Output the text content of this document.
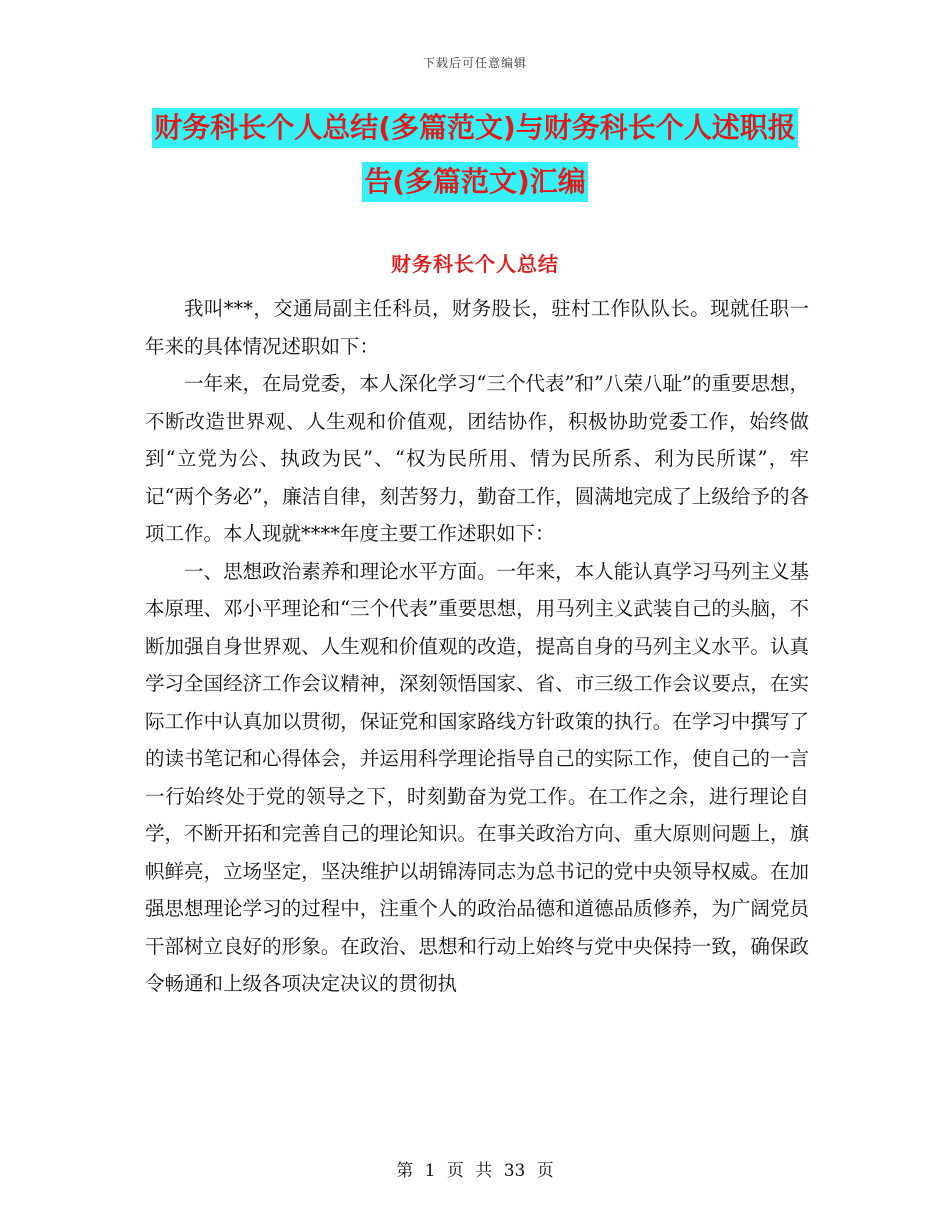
下载后可任意编辑
财务科长个人总结(多篇范文)与财务科长个人述职报
告(多篇范文)汇编
财务科长个人总结

我叫***，交通局副主任科员，财务股长，驻村工作队队长。现就任职一年来的具体情况述职如下：

一年来，在局党委，本人深化学习“三个代表”和”八荣八耻”的重要思想，不断改造世界观、人生观和价值观，团结协作，积极协助党委工作，始终做到“立党为公、执政为民”、“权为民所用、情为民所系、利为民所谋”，牢记“两个务必”，廉洁自律，刻苦努力，勤奋工作，圆满地完成了上级给予的各项工作。本人现就****年度主要工作述职如下：

一、思想政治素养和理论水平方面。一年来，本人能认真学习马列主义基本原理、邓小平理论和“三个代表”重要思想，用马列主义武装自己的头脑，不断加强自身世界观、人生观和价值观的改造，提高自身的马列主义水平。认真学习全国经济工作会议精神，深刻领悟国家、省、市三级工作会议要点，在实际工作中认真加以贯彻，保证党和国家路线方针政策的执行。在学习中撰写了的读书笔记和心得体会，并运用科学理论指导自己的实际工作，使自己的一言一行始终处于党的领导之下，时刻勤奋为党工作。在工作之余，进行理论自学，不断开拓和完善自己的理论知识。在事关政治方向、重大原则问题上，旗帜鲜亮，立场坚定，坚决维护以胡锦涛同志为总书记的党中央领导权威。在加强思想理论学习的过程中，注重个人的政治品德和道德品质修养，为广阔党员干部树立良好的形象。在政治、思想和行动上始终与党中央保持一致，确保政令畅通和上级各项决定决议的贯彻执

第 1 页 共 33 页
